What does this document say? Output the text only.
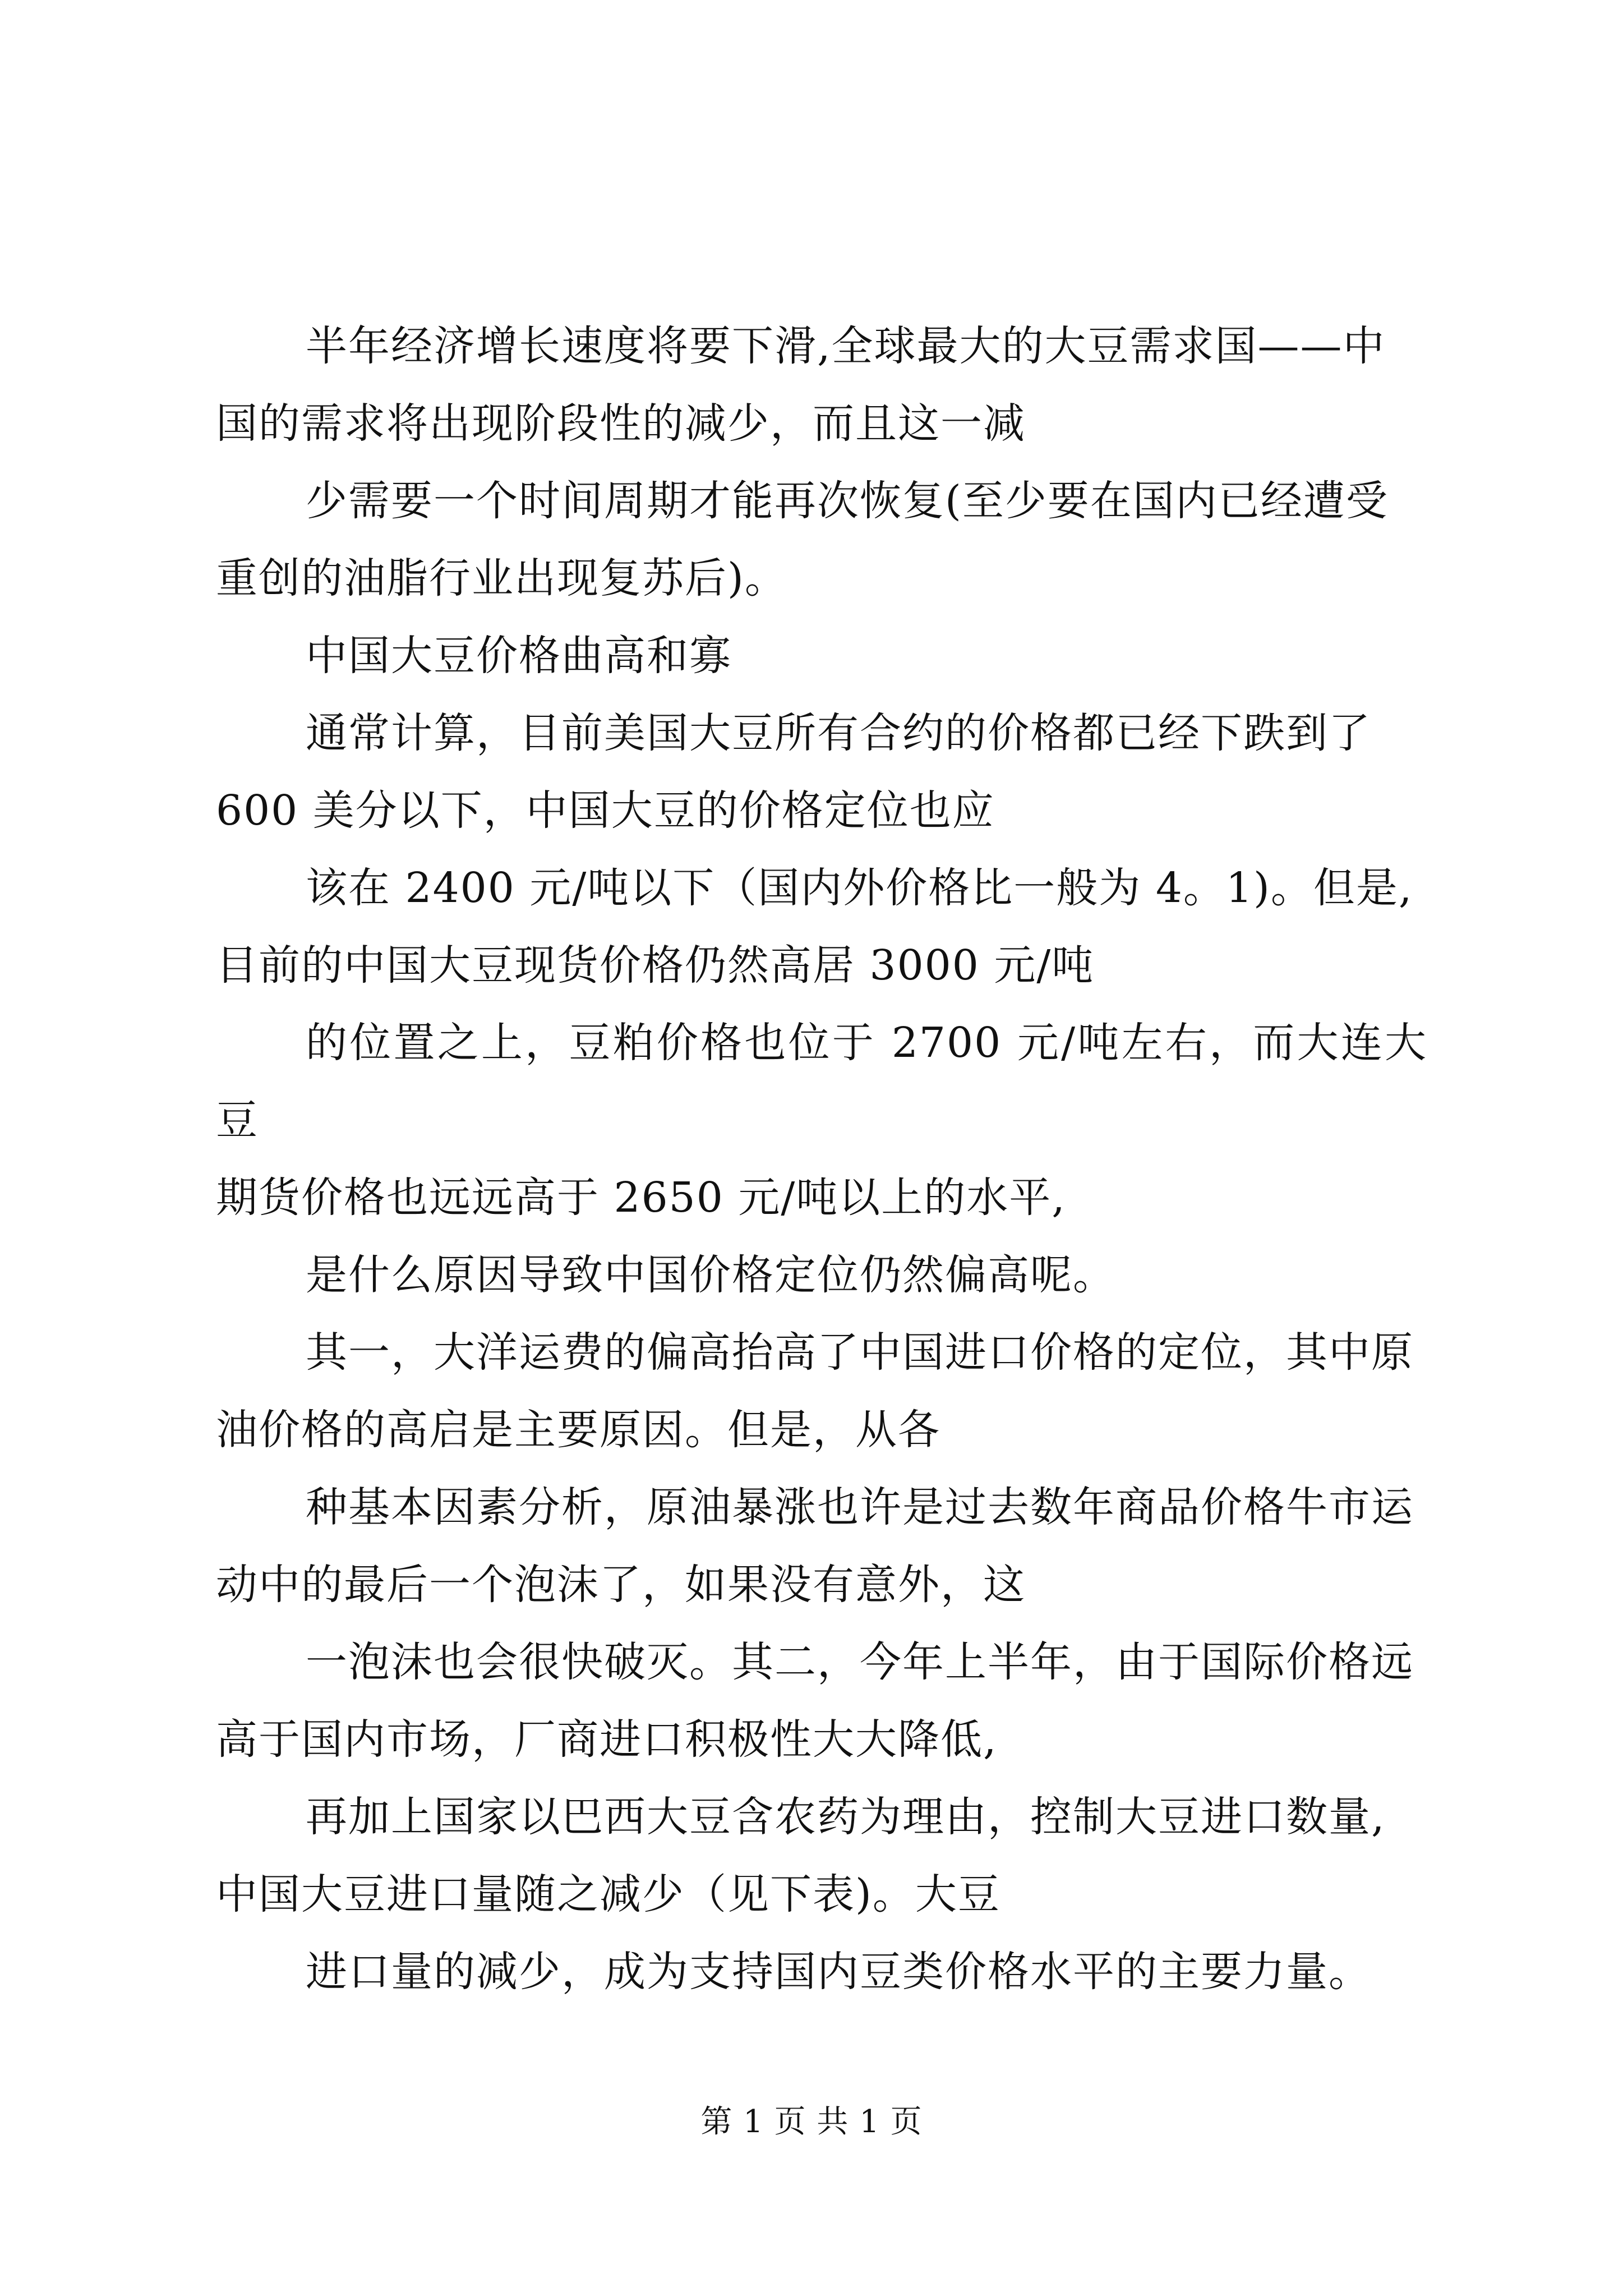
半年经济增长速度将要下滑,全球最大的大豆需求国——中
国的需求将出现阶段性的减少，而且这一减

少需要一个时间周期才能再次恢复(至少要在国内已经遭受
重创的油脂行业出现复苏后)。

中国大豆价格曲高和寡

通常计算，目前美国大豆所有合约的价格都已经下跌到了
600 美分以下，中国大豆的价格定位也应

该在 2400 元/吨以下（国内外价格比一般为 4。1)。但是,
目前的中国大豆现货价格仍然高居 3000 元/吨

的位置之上，豆粕价格也位于 2700 元/吨左右，而大连大豆
期货价格也远远高于 2650 元/吨以上的水平,

是什么原因导致中国价格定位仍然偏高呢。

其一，大洋运费的偏高抬高了中国进口价格的定位，其中原
油价格的高启是主要原因。但是，从各

种基本因素分析，原油暴涨也许是过去数年商品价格牛市运
动中的最后一个泡沫了，如果没有意外，这

一泡沫也会很快破灭。其二，今年上半年，由于国际价格远
高于国内市场，厂商进口积极性大大降低,

再加上国家以巴西大豆含农药为理由，控制大豆进口数量,
中国大豆进口量随之减少（见下表)。大豆

进口量的减少，成为支持国内豆类价格水平的主要力量。

第 1 页 共 1 页
